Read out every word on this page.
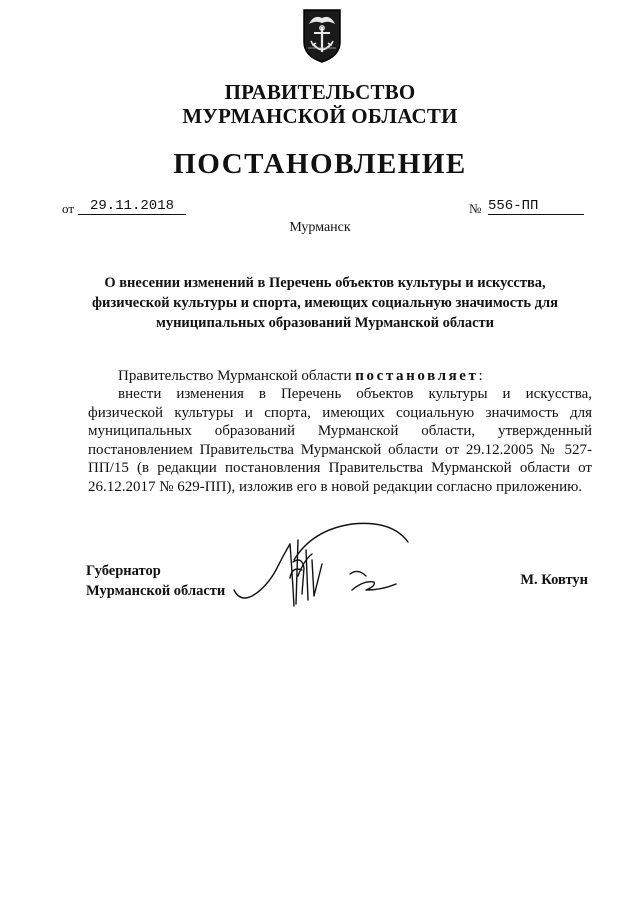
ПРАВИТЕЛЬСТВО
МУРМАНСКОЙ ОБЛАСТИ
ПОСТАНОВЛЕНИЕ
от	29.11.2018	№ 556-ПП
Мурманск
О внесении изменений в Перечень объектов культуры и искусства,
физической культуры и спорта, имеющих социальную значимость для
муниципальных образований Мурманской области
Правительство Мурманской области постановляет:
внести изменения в Перечень объектов культуры и искусства, физической культуры и спорта, имеющих социальную значимость для муниципальных образований Мурманской области, утвержденный постановлением Правительства Мурманской области от 29.12.2005 № 527-ПП/15 (в редакции постановления Правительства Мурманской области от 26.12.2017 № 629-ПП), изложив его в новой редакции согласно приложению.
Губернатор
Мурманской области
М. Ковтун
